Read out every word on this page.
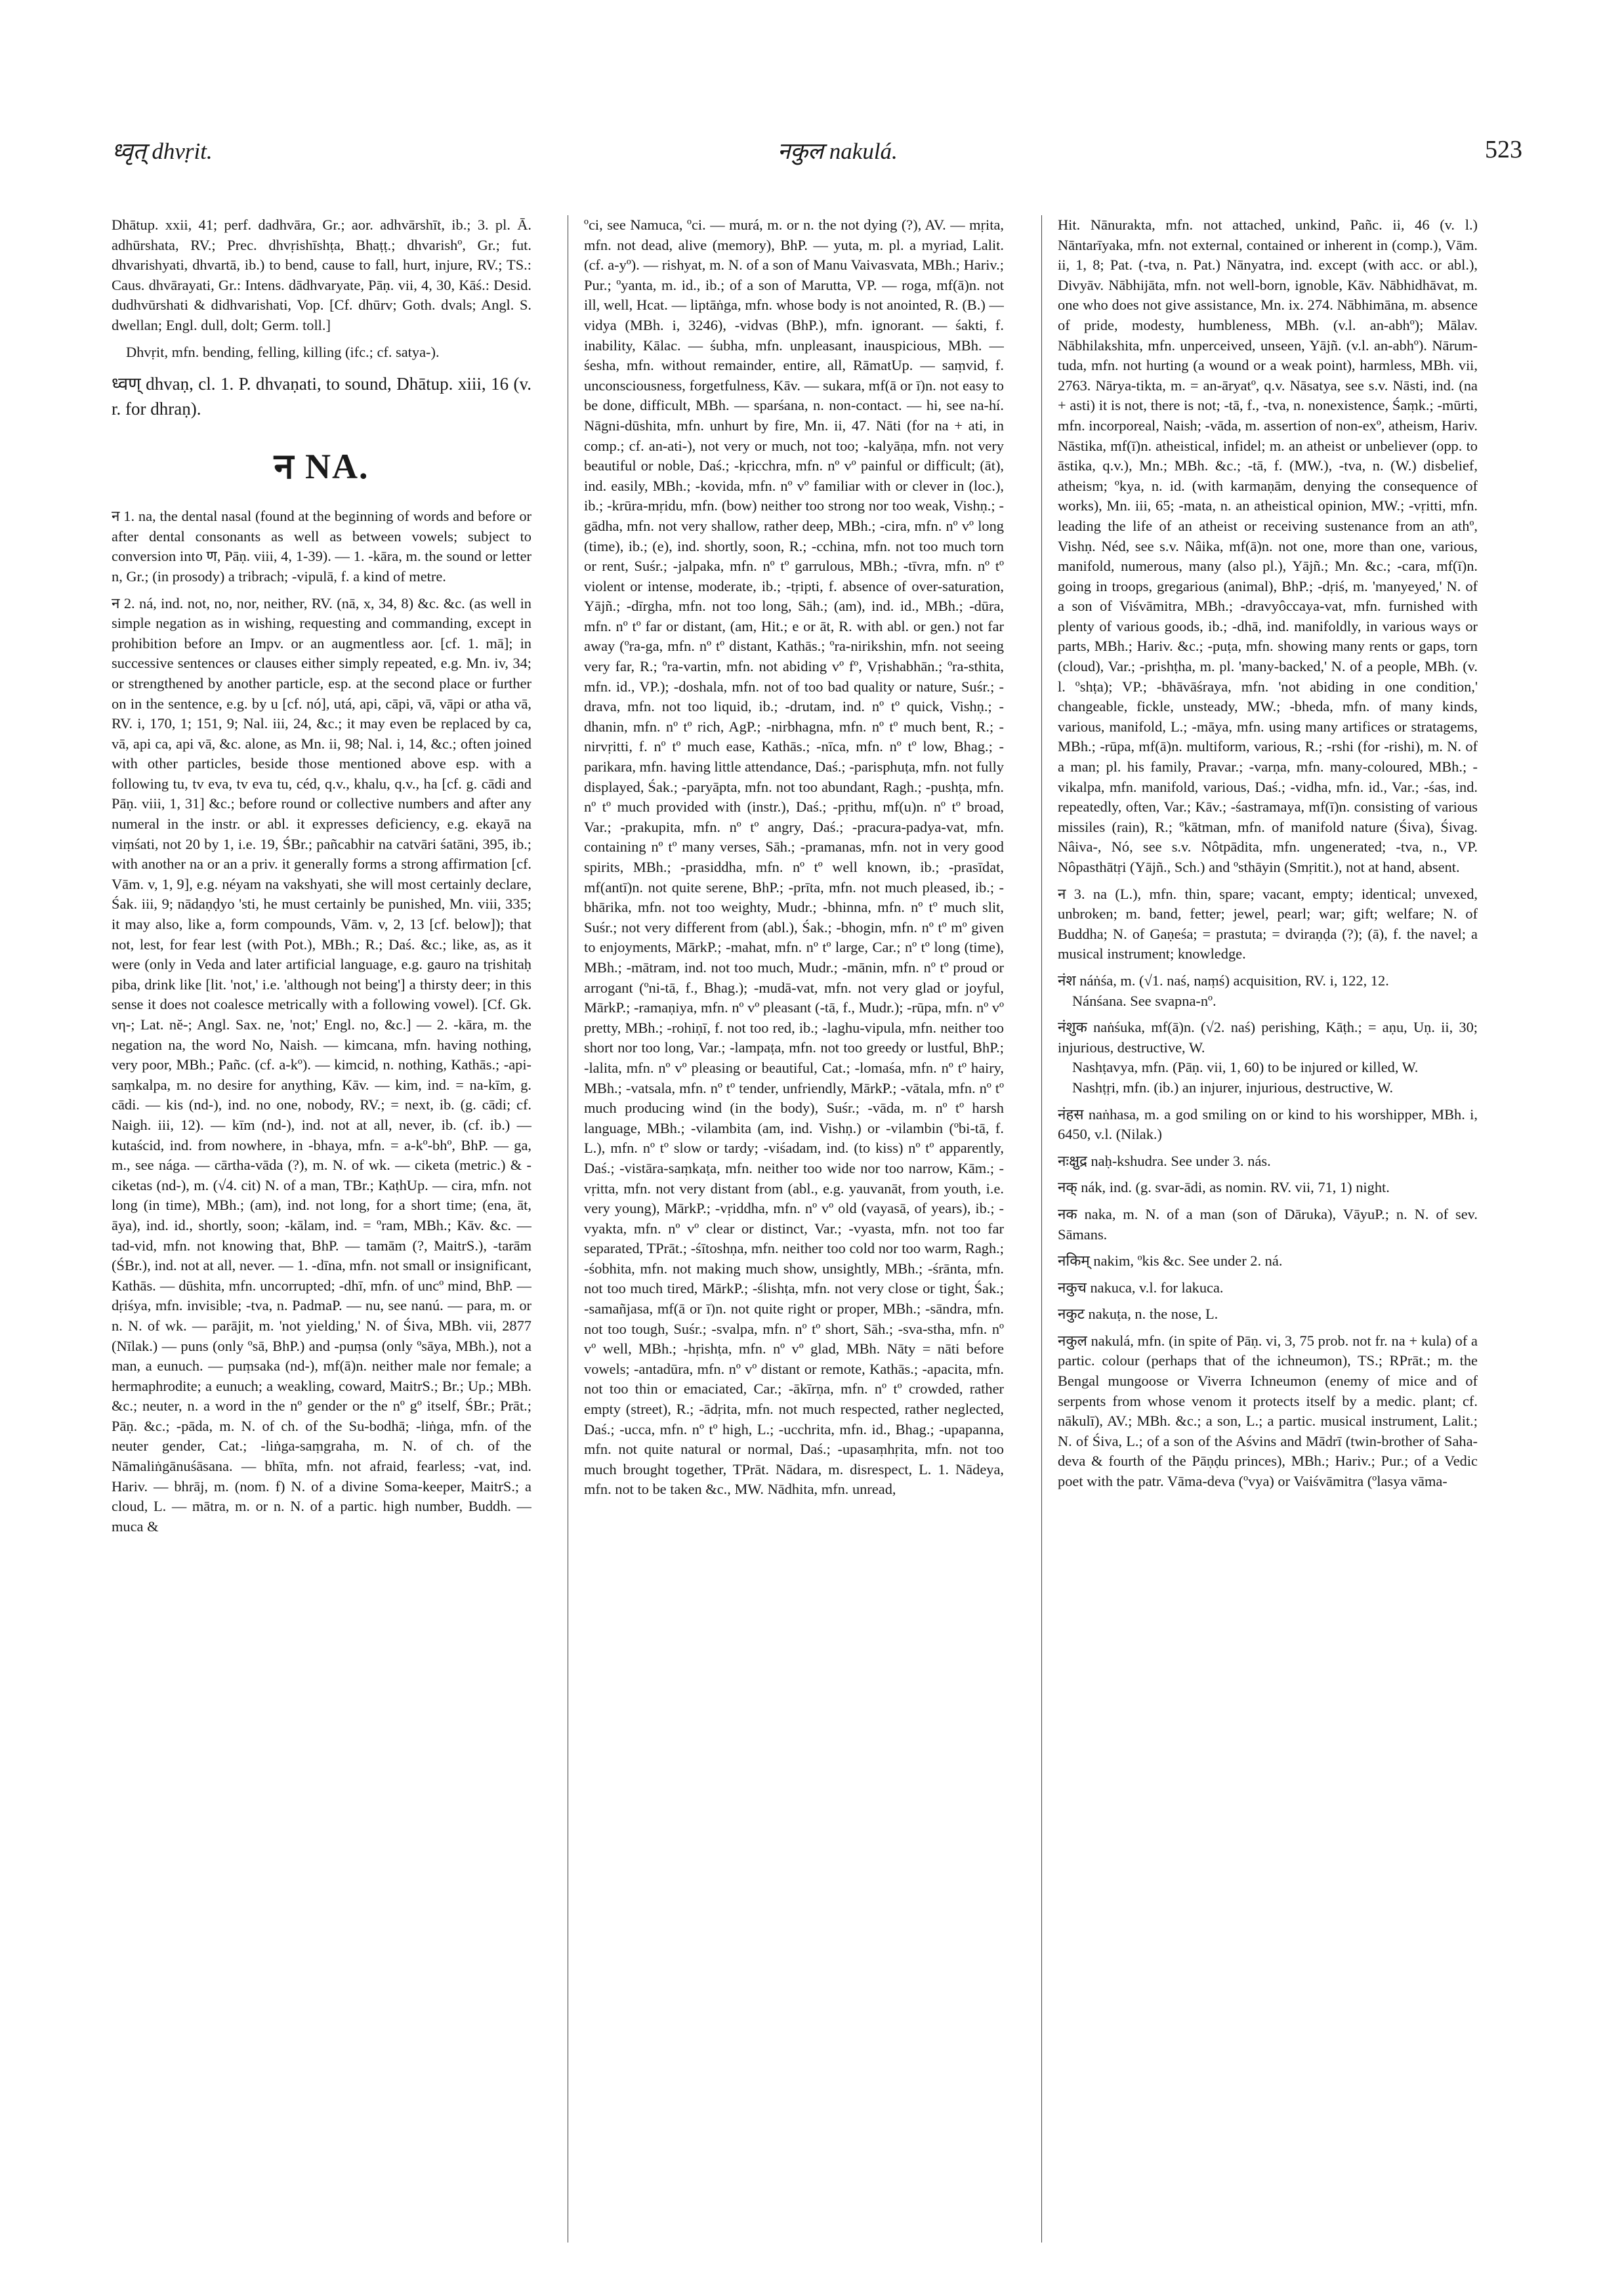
ध्वृत् dhvṛit.	नकुल nakulá.	523

Dhātup. xxii, 41; perf. dadhvāra, Gr.; aor. adhvārshīt, ib.; 3. pl. Ā. adhūrshata, RV.; Prec. dhvṛishīshṭa, Bhaṭṭ.; dhvarishº, Gr.; fut. dhvarishyati, dhvartā, ib.) to bend, cause to fall, hurt, injure, RV.; TS.: Caus. dhvārayati, Gr.: Intens. dādhvaryate, Pāṇ. vii, 4, 30, Kāś.: Desid. dudhvūrshati & didhvarishati, Vop. [Cf. dhūrv; Goth. dvals; Angl. S. dwellan; Engl. dull, dolt; Germ. toll.]

Dhvṛit, mfn. bending, felling, killing (ifc.; cf. satya-).

ध्वण् dhvaṇ, cl. 1. P. dhvaṇati, to sound, Dhātup. xiii, 16 (v. r. for dhraṇ).

न NA.

न 1. na, the dental nasal (found at the beginning of words and before or after dental consonants as well as between vowels; subject to conversion into ण, Pāṇ. viii, 4, 1-39). — 1. -kāra, m. the sound or letter n, Gr.; (in prosody) a tribrach; -vipulā, f. a kind of metre.

न 2. ná, ind. not, no, nor, neither, RV. (nā, x, 34, 8) &c. &c. (as well in simple negation as in wishing, requesting and commanding, except in prohibition before an Impv. or an augmentless aor. [cf. 1. mā]; in successive sentences or clauses either simply repeated, e.g. Mn. iv, 34; or strengthened by another particle, esp. at the second place or further on in the sentence, e.g. by u [cf. nó], utá, api, cāpi, vā, vāpi or atha vā, RV. i, 170, 1; 151, 9; Nal. iii, 24, &c.; it may even be replaced by ca, vā, api ca, api vā, &c. alone, as Mn. ii, 98; Nal. i, 14, &c.; often joined with other particles, beside those mentioned above esp. with a following tu, tv eva, tv eva tu, céd, q.v., khalu, q.v., ha [cf. g. cādi and Pāṇ. viii, 1, 31] &c.; before round or collective numbers and after any numeral in the instr. or abl. it expresses deficiency, e.g. ekayā na viṃśati, not 20 by 1, i.e. 19, ŚBr.; pañcabhir na catvāri śatāni, 395, ib.; with another na or an a priv. it generally forms a strong affirmation [cf. Vām. v, 1, 9], e.g. néyam na vakshyati, she will most certainly declare, Śak. iii, 9; nādaṇḍyo 'sti, he must certainly be punished, Mn. viii, 335; it may also, like a, form compounds, Vām. v, 2, 13 [cf. below]); that not, lest, for fear lest (with Pot.), MBh.; R.; Daś. &c.; like, as, as it were (only in Veda and later artificial language, e.g. gauro na tṛishitaḥ piba, drink like [lit. 'not,' i.e. 'although not being'] a thirsty deer; in this sense it does not coalesce metrically with a following vowel). [Cf. Gk. νη-; Lat. nĕ-; Angl. Sax. ne, 'not;' Engl. no, &c.] — 2. -kāra, m. the negation na, the word No, Naish. — kimcana, mfn. having nothing, very poor, MBh.; Pañc. (cf. a-kº). — kimcid, n. nothing, Kathās.; -api-saṃkalpa, m. no desire for anything, Kāv. — kim, ind. = na-kīm, g. cādi. — kis (nd-), ind. no one, nobody, RV.; = next, ib. (g. cādi; cf. Naigh. iii, 12). — kīm (nd-), ind. not at all, never, ib. (cf. ib.) — kutaścid, ind. from nowhere, in -bhaya, mfn. = a-kº-bhº, BhP. — ga, m., see nága. — cārtha-vāda (?), m. N. of wk. — ciketa (metric.) & -ciketas (nd-), m. (√4. cit) N. of a man, TBr.; KaṭhUp. — cira, mfn. not long (in time), MBh.; (am), ind. not long, for a short time; (ena, āt, āya), ind. id., shortly, soon; -kālam, ind. = ºram, MBh.; Kāv. &c. — tad-vid, mfn. not knowing that, BhP. — tamām (?, MaitrS.), -tarām (ŚBr.), ind. not at all, never. — 1. -dīna, mfn. not small or insignificant, Kathās. — dūshita, mfn. uncorrupted; -dhī, mfn. of uncº mind, BhP. — dṛiśya, mfn. invisible; -tva, n. PadmaP. — nu, see nanú. — para, m. or n. N. of wk. — parājit, m. 'not yielding,' N. of Śiva, MBh. vii, 2877 (Nīlak.) — puns (only ºsā, BhP.) and -puṃsa (only ºsāya, MBh.), not a man, a eunuch. — puṃsaka (nd-), mf(ā)n. neither male nor female; a hermaphrodite; a eunuch; a weakling, coward, MaitrS.; Br.; Up.; MBh. &c.; neuter, n. a word in the nº gender or the nº gº itself, ŚBr.; Prāt.; Pāṇ. &c.; -pāda, m. N. of ch. of the Su-bodhā; -liṅga, mfn. of the neuter gender, Cat.; -liṅga-saṃgraha, m. N. of ch. of the Nāmaliṅgānuśāsana. — bhīta, mfn. not afraid, fearless; -vat, ind. Hariv. — bhrāj, m. (nom. f) N. of a divine Soma-keeper, MaitrS.; a cloud, L. — mātra, m. or n. N. of a partic. high number, Buddh. — muca &

ºci, see Namuca, ºci. — murá, m. or n. the not dying (?), AV. — mṛita, mfn. not dead, alive (memory), BhP. — yuta, m. pl. a myriad, Lalit. (cf. a-yº). — rishyat, m. N. of a son of Manu Vaivasvata, MBh.; Hariv.; Pur.; ºyanta, m. id., ib.; of a son of Marutta, VP. — roga, mf(ā)n. not ill, well, Hcat. — liptāṅga, mfn. whose body is not anointed, R. (B.) — vidya (MBh. i, 3246), -vidvas (BhP.), mfn. ignorant. — śakti, f. inability, Kālac. — śubha, mfn. unpleasant, inauspicious, MBh. — śesha, mfn. without remainder, entire, all, RāmatUp. — saṃvid, f. unconsciousness, forgetfulness, Kāv. — sukara, mf(ā or ī)n. not easy to be done, difficult, MBh. — sparśana, n. non-contact. — hi, see na-hí. Nāgni-dūshita, mfn. unhurt by fire, Mn. ii, 47. Nāti (for na + ati, in comp.; cf. an-ati-), not very or much, not too; -kalyāṇa, mfn. not very beautiful or noble, Daś.; -kṛicchra, mfn. nº vº painful or difficult; (āt), ind. easily, MBh.; -kovida, mfn. nº vº familiar with or clever in (loc.), ib.; -krūra-mṛidu, mfn. (bow) neither too strong nor too weak, Vishṇ.; -gādha, mfn. not very shallow, rather deep, MBh.; -cira, mfn. nº vº long (time), ib.; (e), ind. shortly, soon, R.; -cchina, mfn. not too much torn or rent, Suśr.; -jalpaka, mfn. nº tº garrulous, MBh.; -tīvra, mfn. nº tº violent or intense, moderate, ib.; -tṛipti, f. absence of over-saturation, Yājñ.; -dīrgha, mfn. not too long, Sāh.; (am), ind. id., MBh.; -dūra, mfn. nº tº far or distant, (am, Hit.; e or āt, R. with abl. or gen.) not far away (ºra-ga, mfn. nº tº distant, Kathās.; ºra-nirikshin, mfn. not seeing very far, R.; ºra-vartin, mfn. not abiding vº fº, Vṛishabhān.; ºra-sthita, mfn. id., VP.); -doshala, mfn. not of too bad quality or nature, Suśr.; -drava, mfn. not too liquid, ib.; -drutam, ind. nº tº quick, Vishṇ.; -dhanin, mfn. nº tº rich, AgP.; -nirbhagna, mfn. nº tº much bent, R.; -nirvṛitti, f. nº tº much ease, Kathās.; -nīca, mfn. nº tº low, Bhag.; -parikara, mfn. having little attendance, Daś.; -parisphuṭa, mfn. not fully displayed, Śak.; -paryāpta, mfn. not too abundant, Ragh.; -pushṭa, mfn. nº tº much provided with (instr.), Daś.; -pṛithu, mf(u)n. nº tº broad, Var.; -prakupita, mfn. nº tº angry, Daś.; -pracura-padya-vat, mfn. containing nº tº many verses, Sāh.; -pramanas, mfn. not in very good spirits, MBh.; -prasiddha, mfn. nº tº well known, ib.; -prasīdat, mf(antī)n. not quite serene, BhP.; -prīta, mfn. not much pleased, ib.; -bhārika, mfn. not too weighty, Mudr.; -bhinna, mfn. nº tº much slit, Suśr.; not very different from (abl.), Śak.; -bhogin, mfn. nº tº mº given to enjoyments, MārkP.; -mahat, mfn. nº tº large, Car.; nº tº long (time), MBh.; -mātram, ind. not too much, Mudr.; -mānin, mfn. nº tº proud or arrogant (ºni-tā, f., Bhag.); -mudā-vat, mfn. not very glad or joyful, MārkP.; -ramaṇiya, mfn. nº vº pleasant (-tā, f., Mudr.); -rūpa, mfn. nº vº pretty, MBh.; -rohiṇī, f. not too red, ib.; -laghu-vipula, mfn. neither too short nor too long, Var.; -lampaṭa, mfn. not too greedy or lustful, BhP.; -lalita, mfn. nº vº pleasing or beautiful, Cat.; -lomaśa, mfn. nº tº hairy, MBh.; -vatsala, mfn. nº tº tender, unfriendly, MārkP.; -vātala, mfn. nº tº much producing wind (in the body), Suśr.; -vāda, m. nº tº harsh language, MBh.; -vilambita (am, ind. Vishṇ.) or -vilambin (ºbi-tā, f. L.), mfn. nº tº slow or tardy; -viśadam, ind. (to kiss) nº tº apparently, Daś.; -vistāra-saṃkaṭa, mfn. neither too wide nor too narrow, Kām.; -vṛitta, mfn. not very distant from (abl., e.g. yauvanāt, from youth, i.e. very young), MārkP.; -vṛiddha, mfn. nº vº old (vayasā, of years), ib.; -vyakta, mfn. nº vº clear or distinct, Var.; -vyasta, mfn. not too far separated, TPrāt.; -śītoshṇa, mfn. neither too cold nor too warm, Ragh.; -śobhita, mfn. not making much show, unsightly, MBh.; -śrānta, mfn. not too much tired, MārkP.; -ślishṭa, mfn. not very close or tight, Śak.; -samañjasa, mf(ā or ī)n. not quite right or proper, MBh.; -sāndra, mfn. not too tough, Suśr.; -svalpa, mfn. nº tº short, Sāh.; -sva-stha, mfn. nº vº well, MBh.; -hṛishṭa, mfn. nº vº glad, MBh. Nāty = nāti before vowels; -antadūra, mfn. nº vº distant or remote, Kathās.; -apacita, mfn. not too thin or emaciated, Car.; -ākīrṇa, mfn. nº tº crowded, rather empty (street), R.; -ādṛita, mfn. not much respected, rather neglected, Daś.; -ucca, mfn. nº tº high, L.; -ucchrita, mfn. id., Bhag.; -upapanna, mfn. not quite natural or normal, Daś.; -upasaṃhṛita, mfn. not too much brought together, TPrāt. Nādara, m. disrespect, L. 1. Nādeya, mfn. not to be taken &c., MW. Nādhita, mfn. unread,

Hit. Nānurakta, mfn. not attached, unkind, Pañc. ii, 46 (v. l.) Nāntarīyaka, mfn. not external, contained or inherent in (comp.), Vām. ii, 1, 8; Pat. (-tva, n. Pat.) Nānyatra, ind. except (with acc. or abl.), Divyāv. Nābhijāta, mfn. not well-born, ignoble, Kāv. Nābhidhāvat, m. one who does not give assistance, Mn. ix. 274. Nābhimāna, m. absence of pride, modesty, humbleness, MBh. (v.l. an-abhº); Mālav. Nābhilakshita, mfn. unperceived, unseen, Yājñ. (v.l. an-abhº). Nārum-tuda, mfn. not hurting (a wound or a weak point), harmless, MBh. vii, 2763. Nārya-tikta, m. = an-āryatº, q.v. Nāsatya, see s.v. Nāsti, ind. (na + asti) it is not, there is not; -tā, f., -tva, n. nonexistence, Śaṃk.; -mūrti, mfn. incorporeal, Naish; -vāda, m. assertion of non-exº, atheism, Hariv. Nāstika, mf(ī)n. atheistical, infidel; m. an atheist or unbeliever (opp. to āstika, q.v.), Mn.; MBh. &c.; -tā, f. (MW.), -tva, n. (W.) disbelief, atheism; ºkya, n. id. (with karmaṇām, denying the consequence of works), Mn. iii, 65; -mata, n. an atheistical opinion, MW.; -vṛitti, mfn. leading the life of an atheist or receiving sustenance from an athº, Vishṇ. Néd, see s.v. Nâika, mf(ā)n. not one, more than one, various, manifold, numerous, many (also pl.), Yājñ.; Mn. &c.; -cara, mf(ī)n. going in troops, gregarious (animal), BhP.; -dṛiś, m. 'manyeyed,' N. of a son of Viśvāmitra, MBh.; -dravyôccaya-vat, mfn. furnished with plenty of various goods, ib.; -dhā, ind. manifoldly, in various ways or parts, MBh.; Hariv. &c.; -puṭa, mfn. showing many rents or gaps, torn (cloud), Var.; -prishṭha, m. pl. 'many-backed,' N. of a people, MBh. (v. l. ºshṭa); VP.; -bhāvāśraya, mfn. 'not abiding in one condition,' changeable, fickle, unsteady, MW.; -bheda, mfn. of many kinds, various, manifold, L.; -māya, mfn. using many artifices or stratagems, MBh.; -rūpa, mf(ā)n. multiform, various, R.; -rshi (for -rishi), m. N. of a man; pl. his family, Pravar.; -varṇa, mfn. many-coloured, MBh.; -vikalpa, mfn. manifold, various, Daś.; -vidha, mfn. id., Var.; -śas, ind. repeatedly, often, Var.; Kāv.; -śastramaya, mf(ī)n. consisting of various missiles (rain), R.; ºkātman, mfn. of manifold nature (Śiva), Śivag. Nâiva-, Nó, see s.v. Nôtpādita, mfn. ungenerated; -tva, n., VP. Nôpasthātṛi (Yājñ., Sch.) and ºsthāyin (Smṛitit.), not at hand, absent.

न 3. na (L.), mfn. thin, spare; vacant, empty; identical; unvexed, unbroken; m. band, fetter; jewel, pearl; war; gift; welfare; N. of Buddha; N. of Gaṇeśa; = prastuta; = dviraṇḍa (?); (ā), f. the navel; a musical instrument; knowledge.

नंश náṅśa, m. (√1. naś, naṃś) acquisition, RV. i, 122, 12.

Nánśana. See svapna-nº.

नंशुक naṅśuka, mf(ā)n. (√2. naś) perishing, Kāṭh.; = aṇu, Uṇ. ii, 30; injurious, destructive, W.

Nashṭavya, mfn. (Pāṇ. vii, 1, 60) to be injured or killed, W.

Nashṭṛi, mfn. (ib.) an injurer, injurious, destructive, W.

नंहस naṅhasa, m. a god smiling on or kind to his worshipper, MBh. i, 6450, v.l. (Nilak.)

नःक्षुद्र naḥ-kshudra. See under 3. nás.

नक् nák, ind. (g. svar-ādi, as nomin. RV. vii, 71, 1) night.

नक naka, m. N. of a man (son of Dāruka), VāyuP.; n. N. of sev. Sāmans.

नकिम् nakim, ºkis &c. See under 2. ná.

नकुच nakuca, v.l. for lakuca.

नकुट nakuṭa, n. the nose, L.

नकुल nakulá, mfn. (in spite of Pāṇ. vi, 3, 75 prob. not fr. na + kula) of a partic. colour (perhaps that of the ichneumon), TS.; RPrāt.; m. the Bengal mungoose or Viverra Ichneumon (enemy of mice and of serpents from whose venom it protects itself by a medic. plant; cf. nākulī), AV.; MBh. &c.; a son, L.; a partic. musical instrument, Lalit.; N. of Śiva, L.; of a son of the Aśvins and Mādrī (twin-brother of Saha-deva & fourth of the Pāṇḍu princes), MBh.; Hariv.; Pur.; of a Vedic poet with the patr. Vāma-deva (ºvya) or Vaiśvāmitra (ºlasya vāma-
